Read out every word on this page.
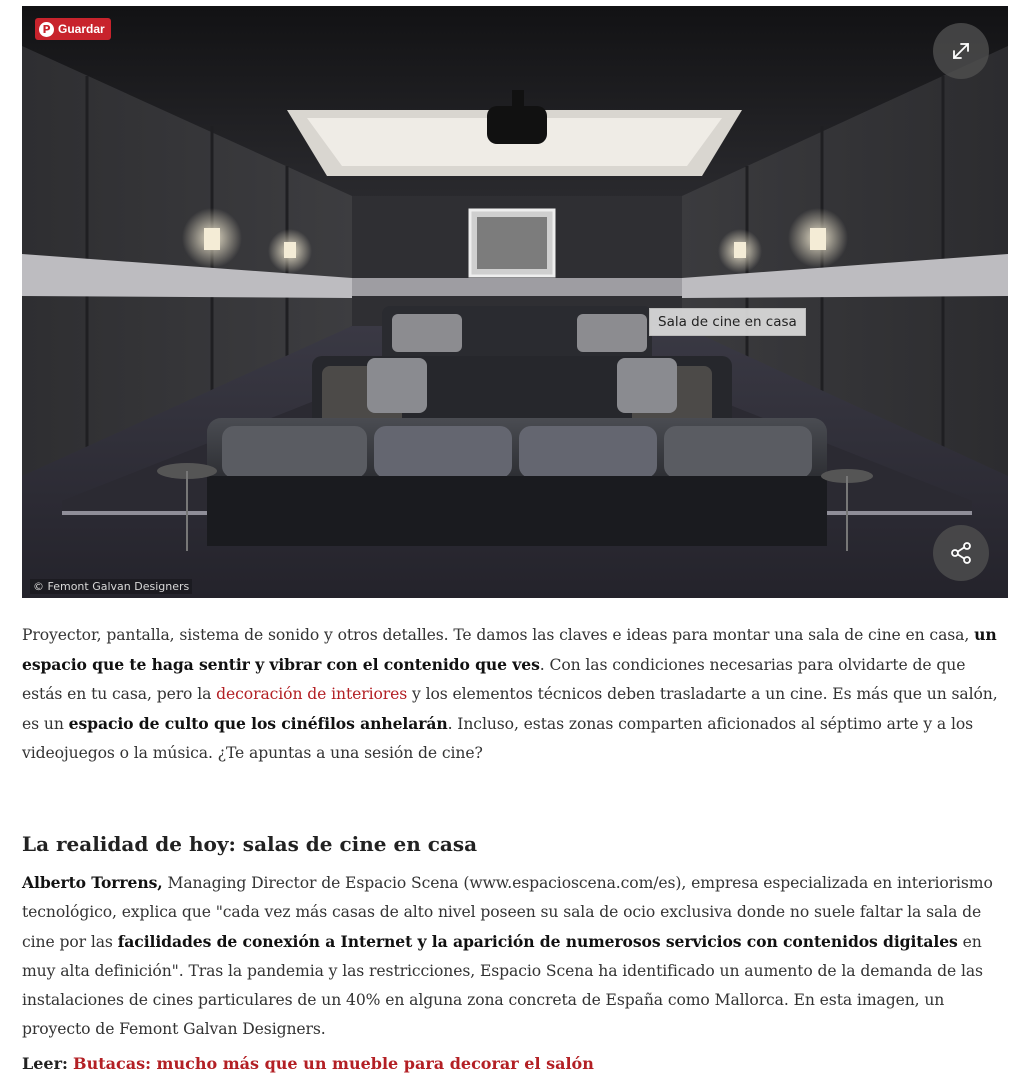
P Guardar
Sala de cine en casa
© Femont Galvan Designers

Proyector, pantalla, sistema de sonido y otros detalles. Te damos las claves e ideas para montar una sala de cine en casa, un espacio que te haga sentir y vibrar con el contenido que ves. Con las condiciones necesarias para olvidarte de que estás en tu casa, pero la decoración de interiores y los elementos técnicos deben trasladarte a un cine. Es más que un salón, es un espacio de culto que los cinéfilos anhelarán. Incluso, estas zonas comparten aficionados al séptimo arte y a los videojuegos o la música. ¿Te apuntas a una sesión de cine?

La realidad de hoy: salas de cine en casa

Alberto Torrens, Managing Director de Espacio Scena (www.espacioscena.com/es), empresa especializada en interiorismo tecnológico, explica que "cada vez más casas de alto nivel poseen su sala de ocio exclusiva donde no suele faltar la sala de cine por las facilidades de conexión a Internet y la aparición de numerosos servicios con contenidos digitales en muy alta definición". Tras la pandemia y las restricciones, Espacio Scena ha identificado un aumento de la demanda de las instalaciones de cines particulares de un 40% en alguna zona concreta de España como Mallorca. En esta imagen, un proyecto de Femont Galvan Designers.

Leer: Butacas: mucho más que un mueble para decorar el salón
